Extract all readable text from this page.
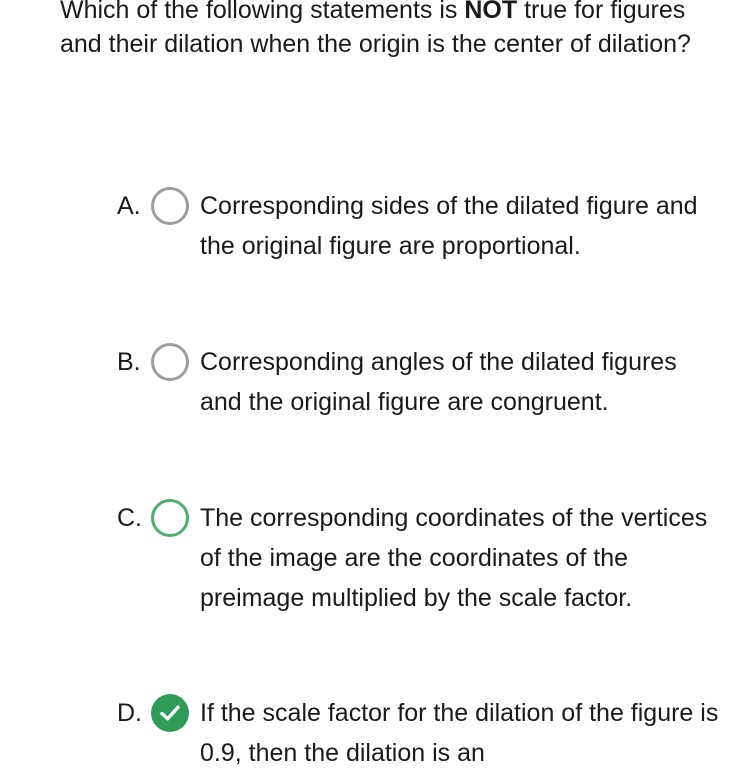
Which of the following statements is NOT true for figures and their dilation when the origin is the center of dilation?

A. Corresponding sides of the dilated figure and the original figure are proportional.

B. Corresponding angles of the dilated figures and the original figure are congruent.

C. The corresponding coordinates of the vertices of the image are the coordinates of the preimage multiplied by the scale factor.

D. If the scale factor for the dilation of the figure is 0.9, then the dilation is an
